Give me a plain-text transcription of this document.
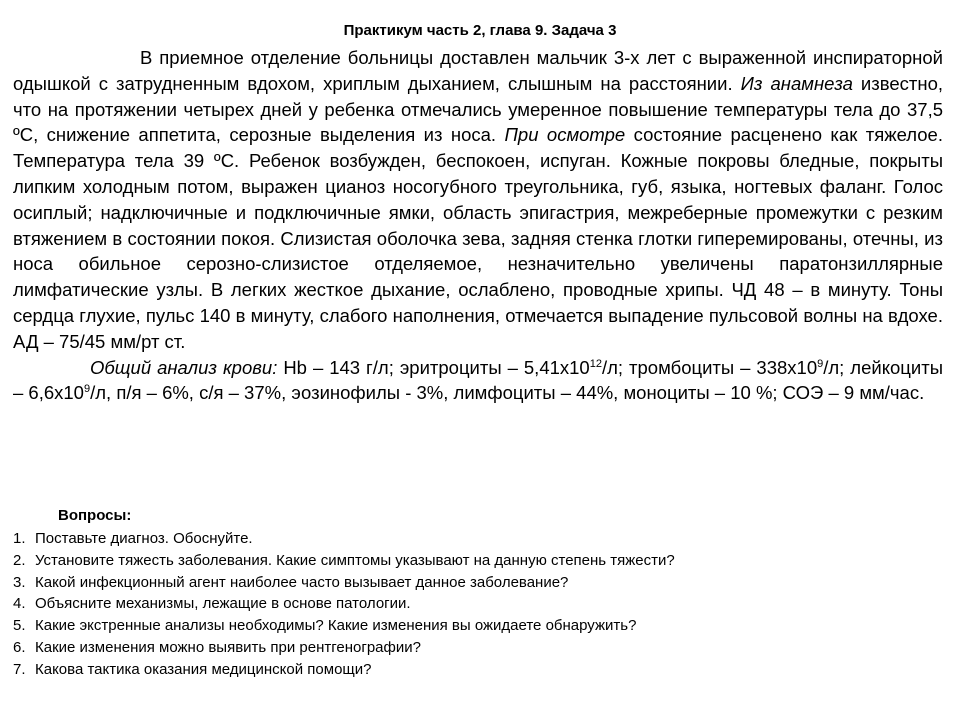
Практикум часть 2, глава 9. Задача 3

В приемное отделение больницы доставлен мальчик 3-х лет с выраженной инспираторной одышкой с затрудненным вдохом, хриплым дыханием, слышным на расстоянии. Из анамнеза известно, что на протяжении четырех дней у ребенка отмечались умеренное повышение температуры тела до 37,5 ºС, снижение аппетита, серозные выделения из носа. При осмотре состояние расценено как тяжелое. Температура тела 39 ºС. Ребенок возбужден, беспокоен, испуган. Кожные покровы бледные, покрыты липким холодным потом, выражен цианоз носогубного треугольника, губ, языка, ногтевых фаланг. Голос осиплый; надключичные и подключичные ямки, область эпигастрия, межреберные промежутки с резким втяжением в состоянии покоя. Слизистая оболочка зева, задняя стенка глотки гиперемированы, отечны, из носа обильное серозно-слизистое отделяемое, незначительно увеличены паратонзиллярные лимфатические узлы. В легких жесткое дыхание, ослаблено, проводные хрипы. ЧД 48 – в минуту. Тоны сердца глухие, пульс 140 в минуту, слабого наполнения, отмечается выпадение пульсовой волны на вдохе. АД – 75/45 мм/рт ст.

Общий анализ крови: Hb – 143 г/л; эритроциты – $5,41х10^{12}/л$; тромбоциты – $338х10^9/л$; лейкоциты – $6,6х10^9/л$, п/я – 6%, с/я – 37%, эозинофилы - 3%, лимфоциты – 44%, моноциты – 10 %; СОЭ – 9 мм/час.

Вопросы:
1. Поставьте диагноз. Обоснуйте.
2. Установите тяжесть заболевания. Какие симптомы указывают на данную степень тяжести?
3. Какой инфекционный агент наиболее часто вызывает данное заболевание?
4. Объясните механизмы, лежащие в основе патологии.
5. Какие экстренные анализы необходимы? Какие изменения вы ожидаете обнаружить?
6. Какие изменения можно выявить при рентгенографии?
7. Какова тактика оказания медицинской помощи?
